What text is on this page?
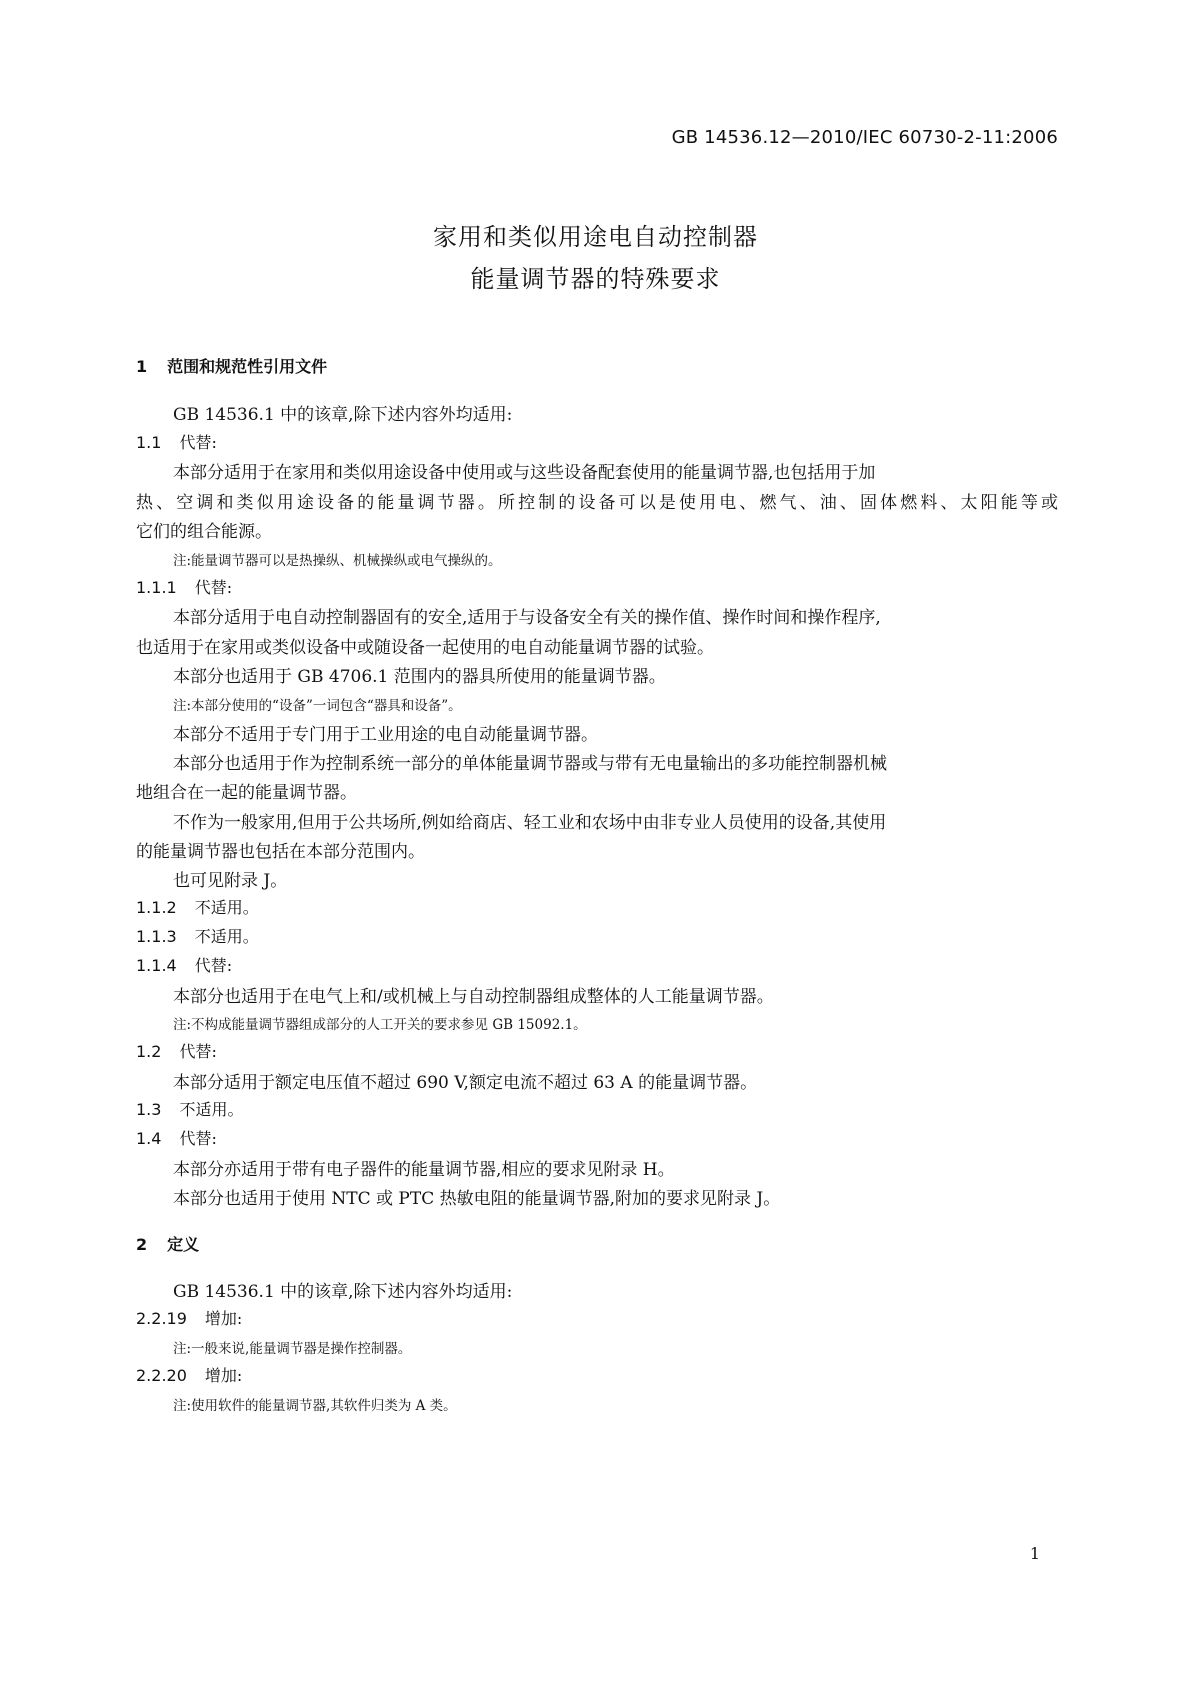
GB 14536.12—2010/IEC 60730-2-11:2006
家用和类似用途电自动控制器
能量调节器的特殊要求
1 范围和规范性引用文件
GB 14536.1 中的该章,除下述内容外均适用:
1.1 代替:
本部分适用于在家用和类似用途设备中使用或与这些设备配套使用的能量调节器,也包括用于加
热、空调和类似用途设备的能量调节器。所控制的设备可以是使用电、燃气、油、固体燃料、太阳能等或
它们的组合能源。
注:能量调节器可以是热操纵、机械操纵或电气操纵的。
1.1.1 代替:
本部分适用于电自动控制器固有的安全,适用于与设备安全有关的操作值、操作时间和操作程序,
也适用于在家用或类似设备中或随设备一起使用的电自动能量调节器的试验。
本部分也适用于 GB 4706.1 范围内的器具所使用的能量调节器。
注:本部分使用的“设备”一词包含“器具和设备”。
本部分不适用于专门用于工业用途的电自动能量调节器。
本部分也适用于作为控制系统一部分的单体能量调节器或与带有无电量输出的多功能控制器机械
地组合在一起的能量调节器。
不作为一般家用,但用于公共场所,例如给商店、轻工业和农场中由非专业人员使用的设备,其使用
的能量调节器也包括在本部分范围内。
也可见附录 J。
1.1.2 不适用。
1.1.3 不适用。
1.1.4 代替:
本部分也适用于在电气上和/或机械上与自动控制器组成整体的人工能量调节器。
注:不构成能量调节器组成部分的人工开关的要求参见 GB 15092.1。
1.2 代替:
本部分适用于额定电压值不超过 690 V,额定电流不超过 63 A 的能量调节器。
1.3 不适用。
1.4 代替:
本部分亦适用于带有电子器件的能量调节器,相应的要求见附录 H。
本部分也适用于使用 NTC 或 PTC 热敏电阻的能量调节器,附加的要求见附录 J。
2 定义
GB 14536.1 中的该章,除下述内容外均适用:
2.2.19 增加:
注:一般来说,能量调节器是操作控制器。
2.2.20 增加:
注:使用软件的能量调节器,其软件归类为 A 类。
1
